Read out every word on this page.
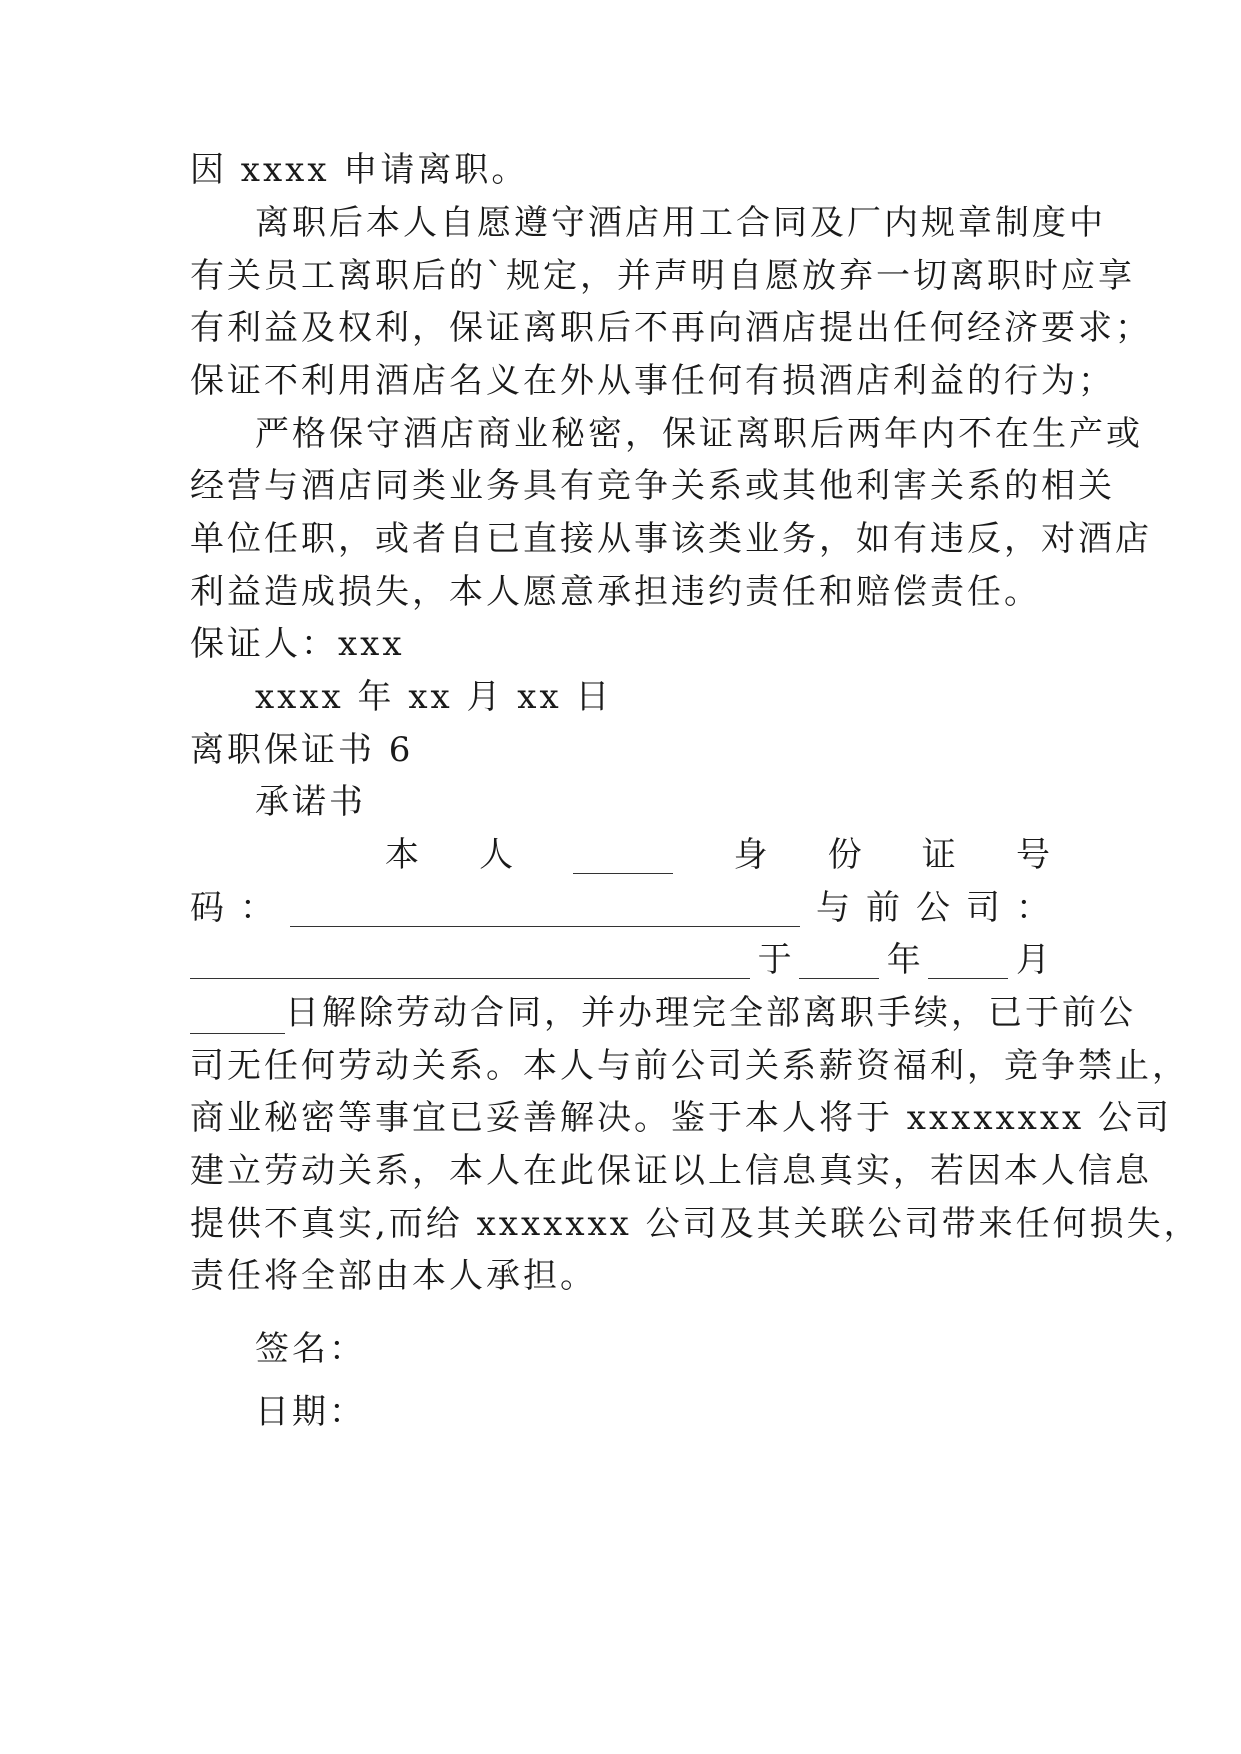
因 xxxx 申请离职。
离职后本人自愿遵守酒店用工合同及厂内规章制度中
有关员工离职后的`规定，并声明自愿放弃一切离职时应享
有利益及权利，保证离职后不再向酒店提出任何经济要求；
保证不利用酒店名义在外从事任何有损酒店利益的行为；
严格保守酒店商业秘密，保证离职后两年内不在生产或
经营与酒店同类业务具有竞争关系或其他利害关系的相关
单位任职，或者自已直接从事该类业务，如有违反，对酒店
利益造成损失，本人愿意承担违约责任和赔偿责任。
保证人：xxx
xxxx 年 xx 月 xx 日
离职保证书 6
承诺书
本 人	身 份 证 号
码 ：	与 前 公 司 ：
于	年	月
日解除劳动合同，并办理完全部离职手续，已于前公
司无任何劳动关系。本人与前公司关系薪资福利，竞争禁止，
商业秘密等事宜已妥善解决。鉴于本人将于 xxxxxxxx 公司
建立劳动关系，本人在此保证以上信息真实，若因本人信息
提供不真实,而给 xxxxxxx 公司及其关联公司带来任何损失，
责任将全部由本人承担。
签名：
日期：
